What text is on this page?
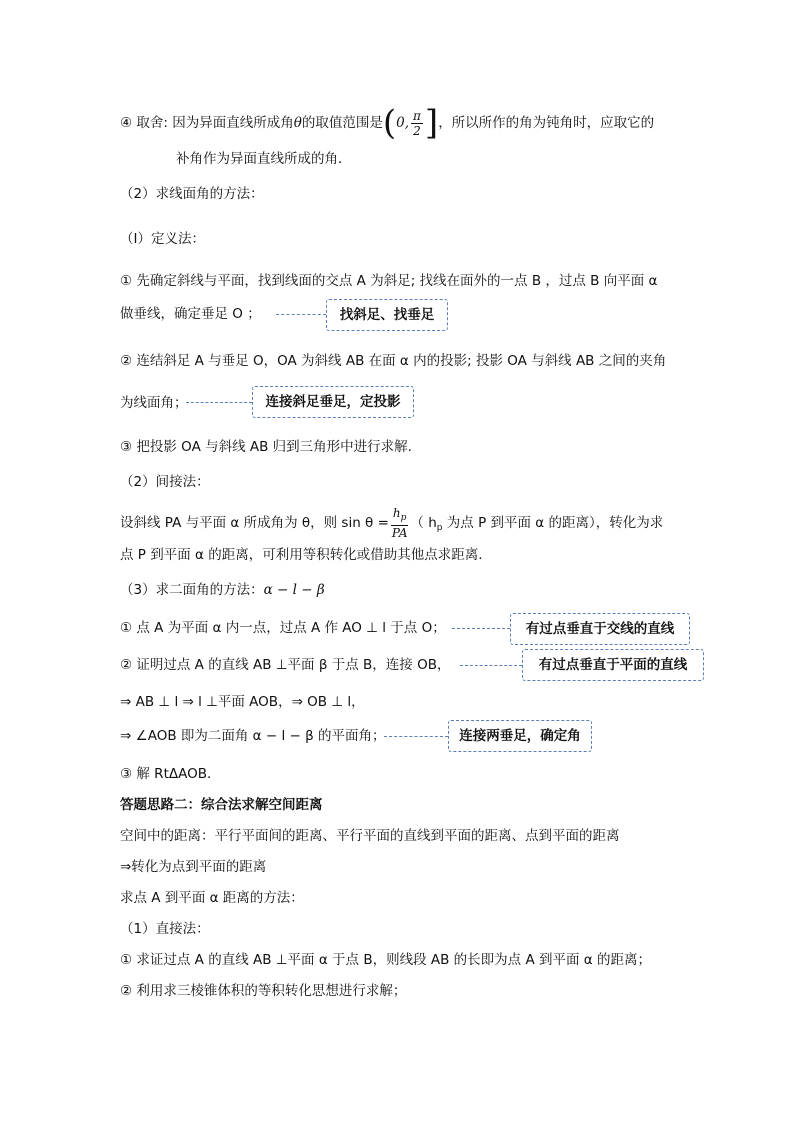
④ 取舍: 因为异面直线所成角θ的取值范围是(0, $\frac{\pi}{2}$ ]，所以所作的角为钝角时，应取它的
补角作为异面直线所成的角．
（2）求线面角的方法：
（I）定义法：
① 先确定斜线与平面，找到线面的交点 A 为斜足; 找线在面外的一点 B ，过点 B 向平面 α
做垂线，确定垂足 O ；	找斜足、找垂足
② 连结斜足 A 与垂足 O，OA 为斜线 AB 在面 α 内的投影; 投影 OA 与斜线 AB 之间的夹角
为线面角；	连接斜足垂足，定投影
③ 把投影 OA 与斜线 AB 归到三角形中进行求解.
（2）间接法：
设斜线 PA 与平面 α 所成角为 θ，则 $\sin \theta = \frac{h_p}{PA}$ （ $h_p$ 为点 P 到平面 α 的距离），转化为求
点 P 到平面 α 的距离，可利用等积转化或借助其他点求距离.
（3）求二面角的方法：α − l − β
① 点 A 为平面 α 内一点，过点 A 作 AO ⊥ l 于点 O；	有过点垂直于交线的直线
② 证明过点 A 的直线 AB ⊥平面 β 于点 B，连接 OB，	有过点垂直于平面的直线
⇒ AB ⊥ l ⇒ l ⊥平面 AOB，⇒ OB ⊥ l，
⇒ ∠AOB 即为二面角 α − l − β 的平面角；	连接两垂足，确定角
③ 解 RtΔAOB．
答题思路二：综合法求解空间距离
空间中的距离：平行平面间的距离、平行平面的直线到平面的距离、点到平面的距离
⇒转化为点到平面的距离
求点 A 到平面 α 距离的方法：
（1）直接法：
① 求证过点 A 的直线 AB ⊥平面 α 于点 B，则线段 AB 的长即为点 A 到平面 α 的距离；
② 利用求三棱锥体积的等积转化思想进行求解；
